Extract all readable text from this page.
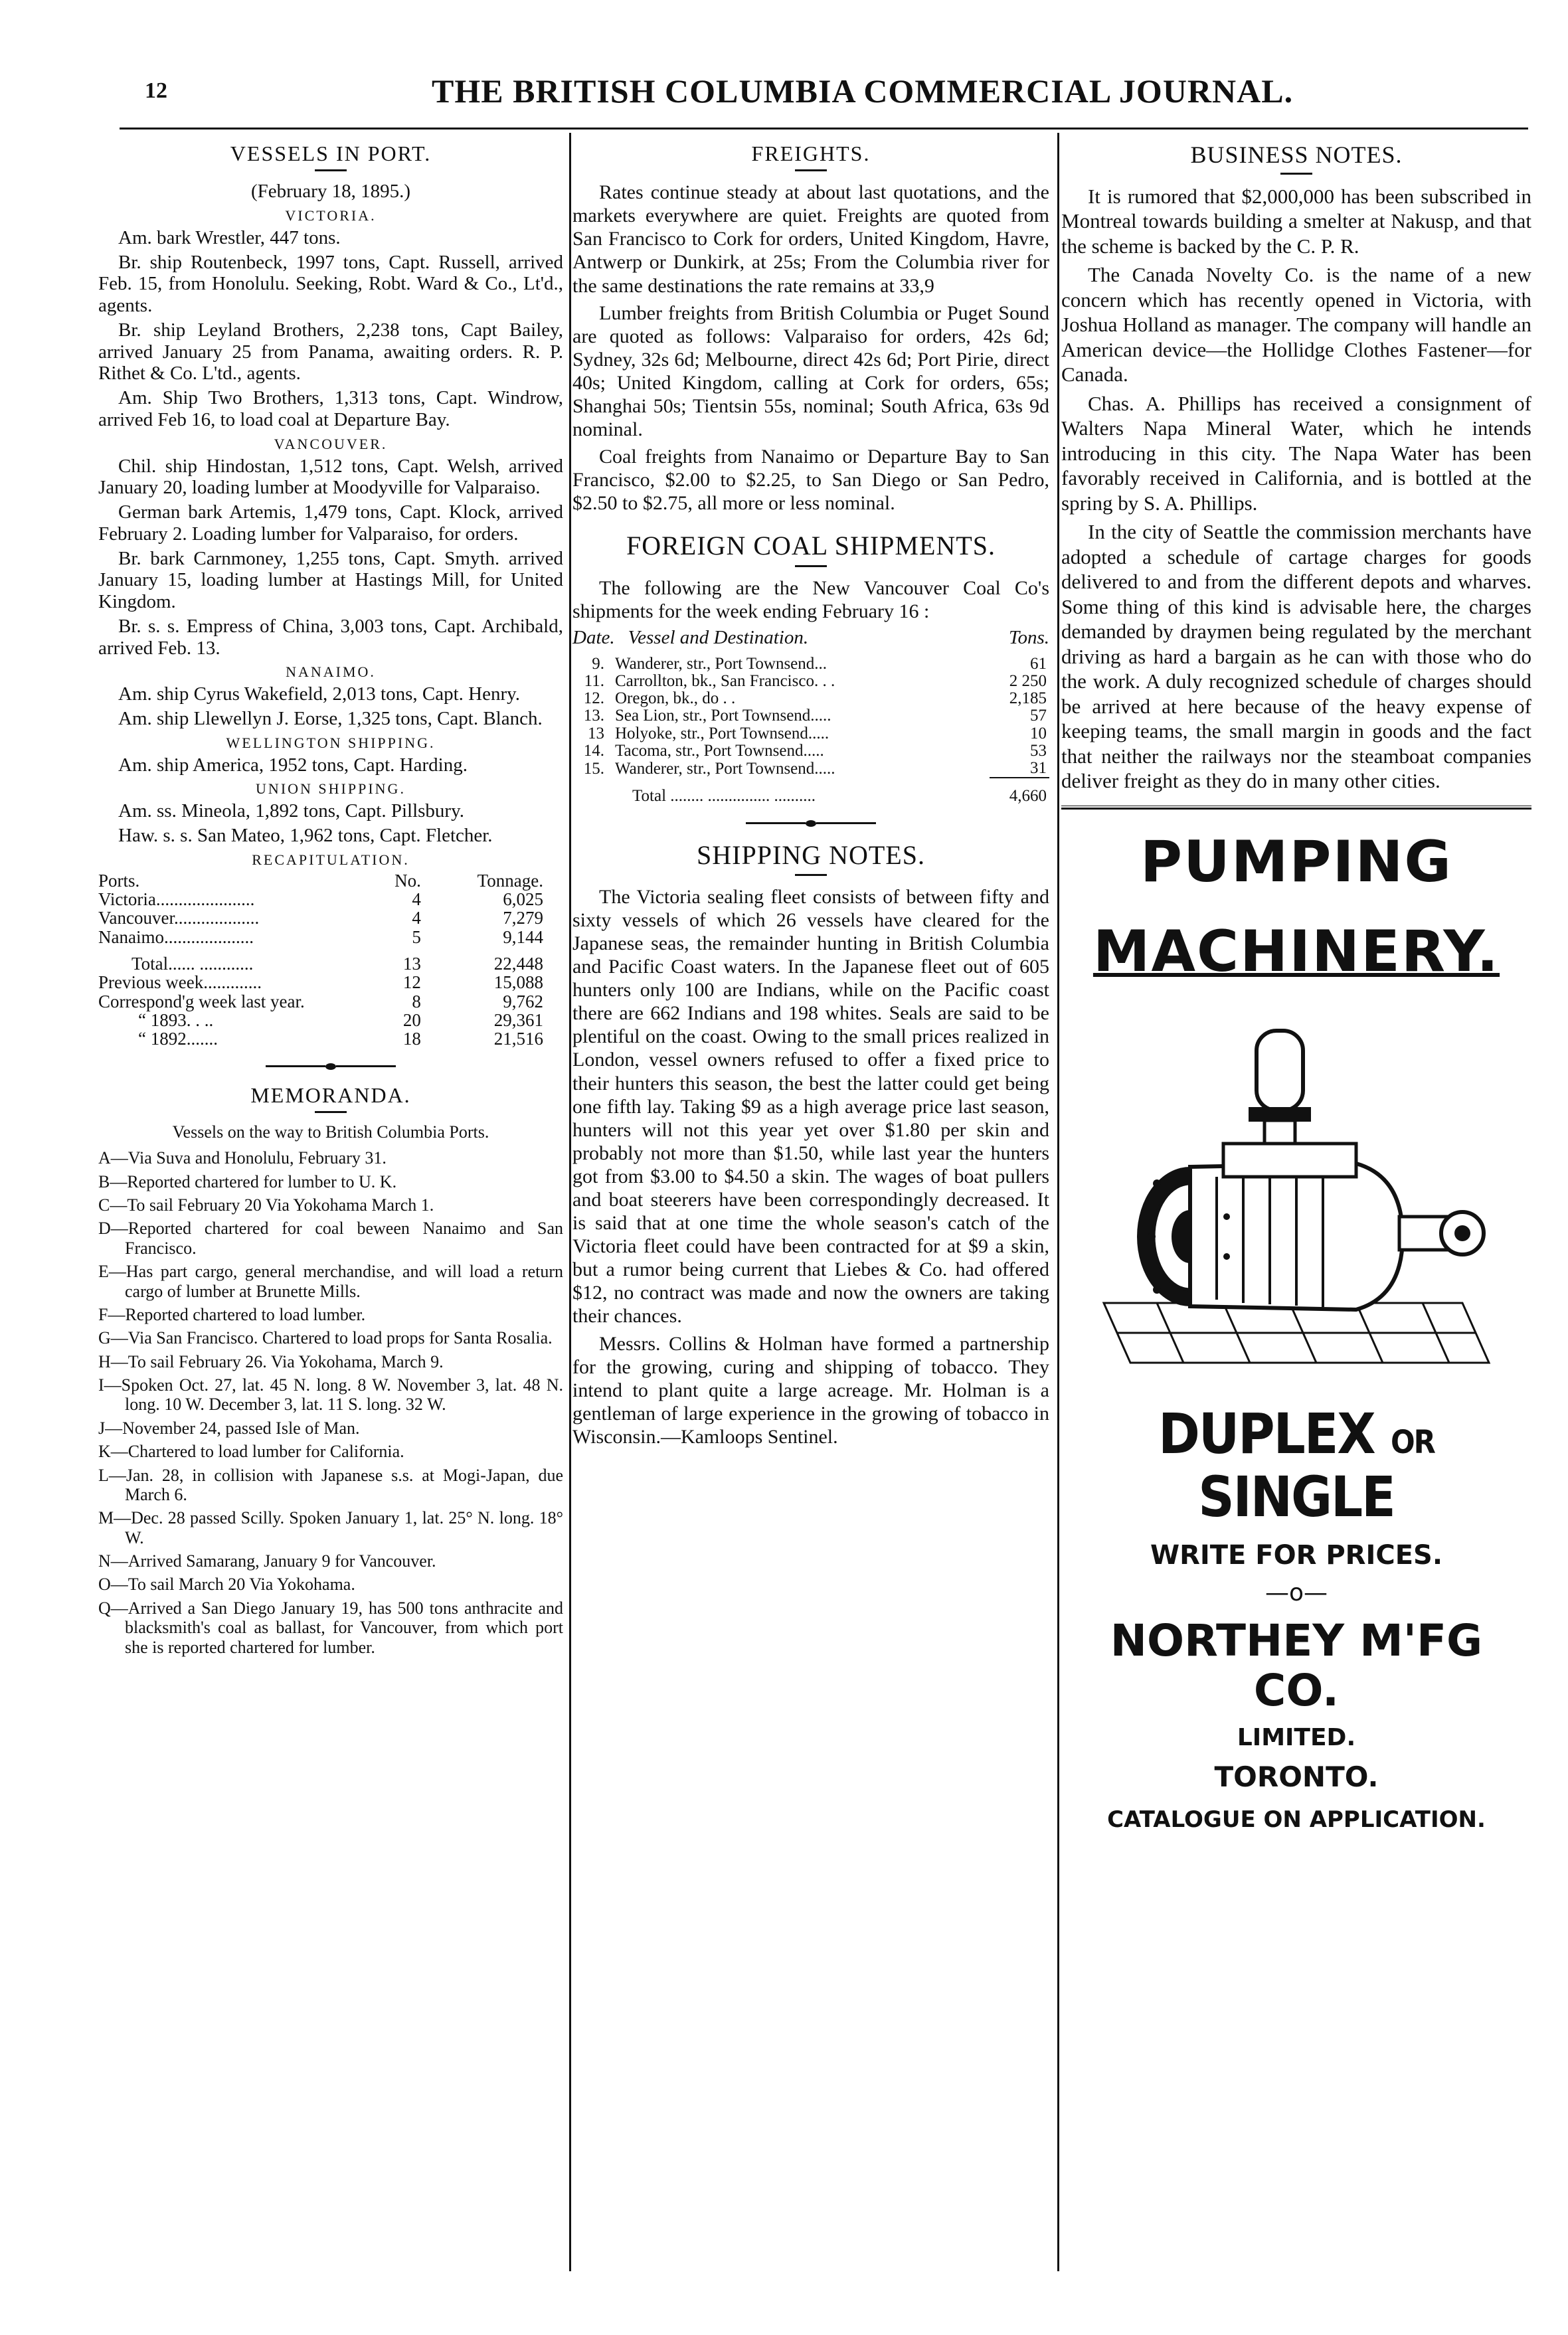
12	THE BRITISH COLUMBIA COMMERCIAL JOURNAL.
VESSELS IN PORT.
(February 18, 1895.)
VICTORIA.
Am. bark Wrestler, 447 tons.
Br. ship Routenbeck, 1997 tons, Capt. Russell, arrived Feb. 15, from Honolulu. Seeking, Robt. Ward & Co., Lt'd., agents.
Br. ship Leyland Brothers, 2,238 tons, Capt Bailey, arrived January 25 from Panama, awaiting orders. R. P. Rithet & Co. L'td., agents.
Am. Ship Two Brothers, 1,313 tons, Capt. Windrow, arrived Feb 16, to load coal at Departure Bay.
VANCOUVER.
Chil. ship Hindostan, 1,512 tons, Capt. Welsh, arrived January 20, loading lumber at Moodyville for Valparaiso.
German bark Artemis, 1,479 tons, Capt. Klock, arrived February 2. Loading lumber for Valparaiso, for orders.
Br. bark Carnmoney, 1,255 tons, Capt. Smyth. arrived January 15, loading lumber at Hastings Mill, for United Kingdom.
Br. s. s. Empress of China, 3,003 tons, Capt. Archibald, arrived Feb. 13.
NANAIMO.
Am. ship Cyrus Wakefield, 2,013 tons, Capt. Henry.
Am. ship Llewellyn J. Eorse, 1,325 tons, Capt. Blanch.
WELLINGTON SHIPPING.
Am. ship America, 1952 tons, Capt. Harding.
UNION SHIPPING.
Am. ss. Mineola, 1,892 tons, Capt. Pillsbury.
Haw. s. s. San Mateo, 1,962 tons, Capt. Fletcher.
RECAPITULATION.
Ports.	No.	Tonnage.
Victoria......................	4	6,025
Vancouver...................	4	7,279
Nanaimo....................	5	9,144
Total...... ............	13	22,448
Previous week.............	12	15,088
Correspond'g week last year.	8	9,762
“ 1893. . ..	20	29,361
“ 1892.......	18	21,516
MEMORANDA.
Vessels on the way to British Columbia Ports.
A—Via Suva and Honolulu, February 31.
B—Reported chartered for lumber to U. K.
C—To sail February 20 Via Yokohama March 1.
D—Reported chartered for coal beween Nanaimo and San Francisco.
E—Has part cargo, general merchandise, and will load a return cargo of lumber at Brunette Mills.
F—Reported chartered to load lumber.
G—Via San Francisco. Chartered to load props for Santa Rosalia.
H—To sail February 26. Via Yokohama, March 9.
I—Spoken Oct. 27, lat. 45 N. long. 8 W. November 3, lat. 48 N. long. 10 W. December 3, lat. 11 S. long. 32 W.
J—November 24, passed Isle of Man.
K—Chartered to load lumber for California.
L—Jan. 28, in collision with Japanese s.s. at Mogi-Japan, due March 6.
M—Dec. 28 passed Scilly. Spoken January 1, lat. 25° N. long. 18° W.
N—Arrived Samarang, January 9 for Vancouver.
O—To sail March 20 Via Yokohama.
Q—Arrived a San Diego January 19, has 500 tons anthracite and blacksmith's coal as ballast, for Vancouver, from which port she is reported chartered for lumber.
FREIGHTS.

Rates continue steady at about last quotations, and the markets everywhere are quiet. Freights are quoted from San Francisco to Cork for orders, United Kingdom, Havre, Antwerp or Dunkirk, at 25s; From the Columbia river for the same destinations the rate remains at 33,9

Lumber freights from British Columbia or Puget Sound are quoted as follows: Valparaiso for orders, 42s 6d; Sydney, 32s 6d; Melbourne, direct 42s 6d; Port Pirie, direct 40s; United Kingdom, calling at Cork for orders, 65s; Shanghai 50s; Tientsin 55s, nominal; South Africa, 63s 9d nominal.

Coal freights from Nanaimo or Departure Bay to San Francisco, $2.00 to $2.25, to San Diego or San Pedro, $2.50 to $2.75, all more or less nominal.

FOREIGN COAL SHIPMENTS.

The following are the New Vancouver Coal Co's shipments for the week ending February 16 :

Date. Vessel and Destination.	Tons.
9.	Wanderer, str., Port Townsend...	61
11.	Carrollton, bk., San Francisco. . .	2 250
12.	Oregon, bk., do . .	2,185
13.	Sea Lion, str., Port Townsend.....	57
13	Holyoke, str., Port Townsend.....	10
14.	Tacoma, str., Port Townsend.....	53
15.	Wanderer, str., Port Townsend.....	31
	Total ........ ............... ..........	4,660
SHIPPING NOTES.

The Victoria sealing fleet consists of between fifty and sixty vessels of which 26 vessels have cleared for the Japanese seas, the remainder hunting in British Columbia and Pacific Coast waters. In the Japanese fleet out of 605 hunters only 100 are Indians, while on the Pacific coast there are 662 Indians and 198 whites. Seals are said to be plentiful on the coast. Owing to the small prices realized in London, vessel owners refused to offer a fixed price to their hunters this season, the best the latter could get being one fifth lay. Taking $9 as a high average price last season, hunters will not this year yet over $1.80 per skin and probably not more than $1.50, while last year the hunters got from $3.00 to $4.50 a skin. The wages of boat pullers and boat steerers have been correspondingly decreased. It is said that at one time the whole season's catch of the Victoria fleet could have been contracted for at $9 a skin, but a rumor being current that Liebes & Co. had offered $12, no contract was made and now the owners are taking their chances.

Messrs. Collins & Holman have formed a partnership for the growing, curing and shipping of tobacco. They intend to plant quite a large acreage. Mr. Holman is a gentleman of large experience in the growing of tobacco in Wisconsin.—Kamloops Sentinel.

BUSINESS NOTES.

It is rumored that $2,000,000 has been subscribed in Montreal towards building a smelter at Nakusp, and that the scheme is backed by the C. P. R.

The Canada Novelty Co. is the name of a new concern which has recently opened in Victoria, with Joshua Holland as manager. The company will handle an American device—the Hollidge Clothes Fastener—for Canada.

Chas. A. Phillips has received a consignment of Walters Napa Mineral Water, which he intends introducing in this city. The Napa Water has been favorably received in California, and is bottled at the spring by S. A. Phillips.

In the city of Seattle the commission merchants have adopted a schedule of cartage charges for goods delivered to and from the different depots and wharves. Some thing of this kind is advisable here, the charges demanded by draymen being regulated by the merchant driving as hard a bargain as he can with those who do the work. A duly recognized schedule of charges should be arrived at here because of the heavy expense of keeping teams, the small margin in goods and the fact that neither the railways nor the steamboat companies deliver freight as they do in many other cities.

PUMPING
MACHINERY.
DUPLEX OR SINGLE
WRITE FOR PRICES.
—o—
NORTHEY M'FG CO.
LIMITED.
TORONTO.
CATALOGUE ON APPLICATION.
